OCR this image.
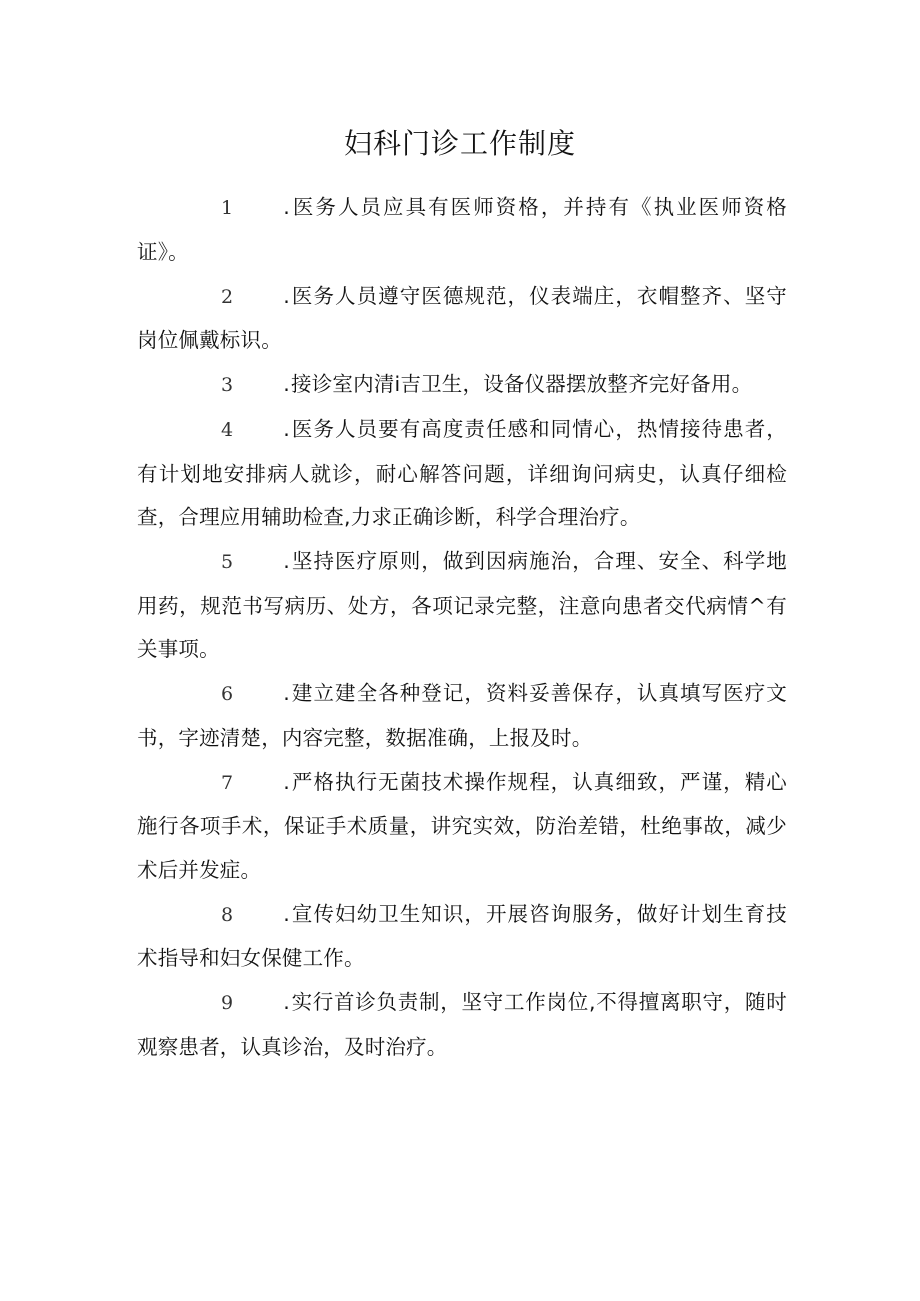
妇科门诊工作制度

1 .医务人员应具有医师资格，并持有《执业医师资格证》。

2 .医务人员遵守医德规范，仪表端庄，衣帽整齐、坚守岗位佩戴标识。

3 .接诊室内清i吉卫生，设备仪器摆放整齐完好备用。

4 .医务人员要有高度责任感和同情心，热情接待患者，有计划地安排病人就诊，耐心解答问题，详细询问病史，认真仔细检查，合理应用辅助检查,力求正确诊断，科学合理治疗。

5 .坚持医疗原则，做到因病施治，合理、安全、科学地用药，规范书写病历、处方，各项记录完整，注意向患者交代病情^有关事项。

6 .建立建全各种登记，资料妥善保存，认真填写医疗文书，字迹清楚，内容完整，数据准确，上报及时。

7 .严格执行无菌技术操作规程，认真细致，严谨，精心施行各项手术，保证手术质量，讲究实效，防治差错，杜绝事故，减少术后并发症。

8 .宣传妇幼卫生知识，开展咨询服务，做好计划生育技术指导和妇女保健工作。

9 .实行首诊负责制，坚守工作岗位,不得擅离职守，随时观察患者，认真诊治，及时治疗。
